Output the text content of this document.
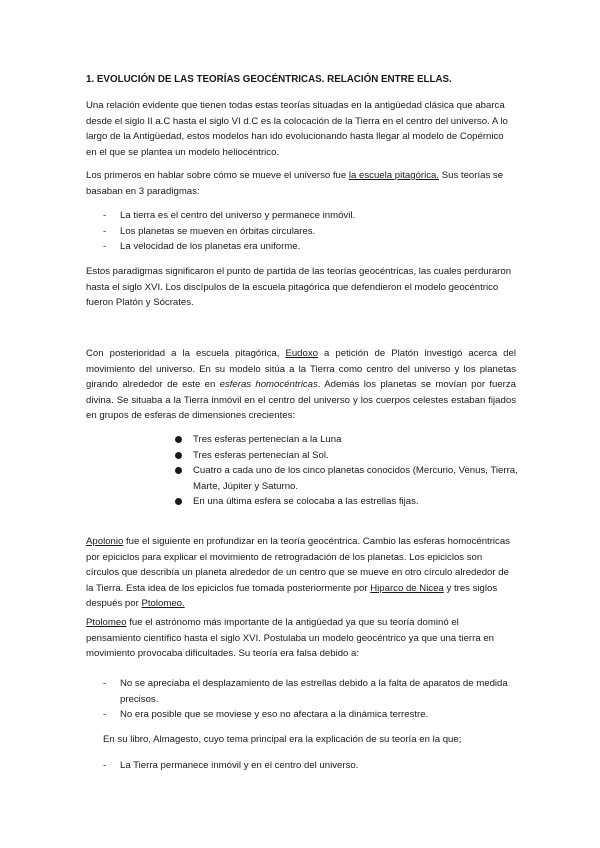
1. EVOLUCIÓN DE LAS TEORÍAS GEOCÉNTRICAS. RELACIÓN ENTRE ELLAS.

Una relación evidente que tienen todas estas teorías situadas en la antigüedad clásica que abarca desde el siglo II a.C hasta el siglo VI d.C es la colocación de la Tierra en el centro del universo. A lo largo de la Antigüedad, estos modelos han ido evolucionando hasta llegar al modelo de Copérnico en el que se plantea un modelo heliocéntrico.

Los primeros en hablar sobre cómo se mueve el universo fue la escuela pitagórica. Sus teorías se basaban en 3 paradigmas:

- La tierra es el centro del universo y permanece inmóvil.
- Los planetas se mueven en órbitas circulares.
- La velocidad de los planetas era uniforme.

Estos paradigmas significaron el punto de partida de las teorías geocéntricas, las cuales perduraron hasta el siglo XVI. Los discípulos de la escuela pitagórica que defendieron el modelo geocéntrico fueron Platón y Sócrates.

Con posterioridad a la escuela pitagórica, Eudoxo a petición de Platón investigó acerca del movimiento del universo. En su modelo sitúa a la Tierra como centro del universo y los planetas girando alrededor de este en esferas homocéntricas. Además los planetas se movían por fuerza divina. Se situaba a la Tierra inmóvil en el centro del universo y los cuerpos celestes estaban fijados en grupos de esferas de dimensiones crecientes:

Tres esferas pertenecían a la Luna
Tres esferas pertenecían al Sol.
Cuatro a cada uno de los cinco planetas conocidos (Mercurio, Venus, Tierra, Marte, Júpiter y Saturno.
En una última esfera se colocaba a las estrellas fijas.

Apolonio fue el siguiente en profundizar en la teoría geocéntrica. Cambio las esferas homocéntricas por epiciclos para explicar el movimiento de retrogradación de los planetas. Los epiciclos son círculos que describía un planeta alrededor de un centro que se mueve en otro círculo alrededor de la Tierra. Esta idea de los epiciclos fue tomada posteriormente por Hiparco de Nicea y tres siglos después por Ptolomeo.

Ptolomeo fue el astrónomo más importante de la antigüedad ya que su teoría dominó el pensamiento científico hasta el siglo XVI. Postulaba un modelo geocéntrico ya que una tierra en movimiento provocaba dificultades. Su teoría era falsa debido a:

- No se apreciaba el desplazamiento de las estrellas debido a la falta de aparatos de medida precisos.
- No era posible que se moviese y eso no afectara a la dinámica terrestre.

En su libro, Almagesto, cuyo tema principal era la explicación de su teoría en la que;

- La Tierra permanece inmóvil y en el centro del universo.
